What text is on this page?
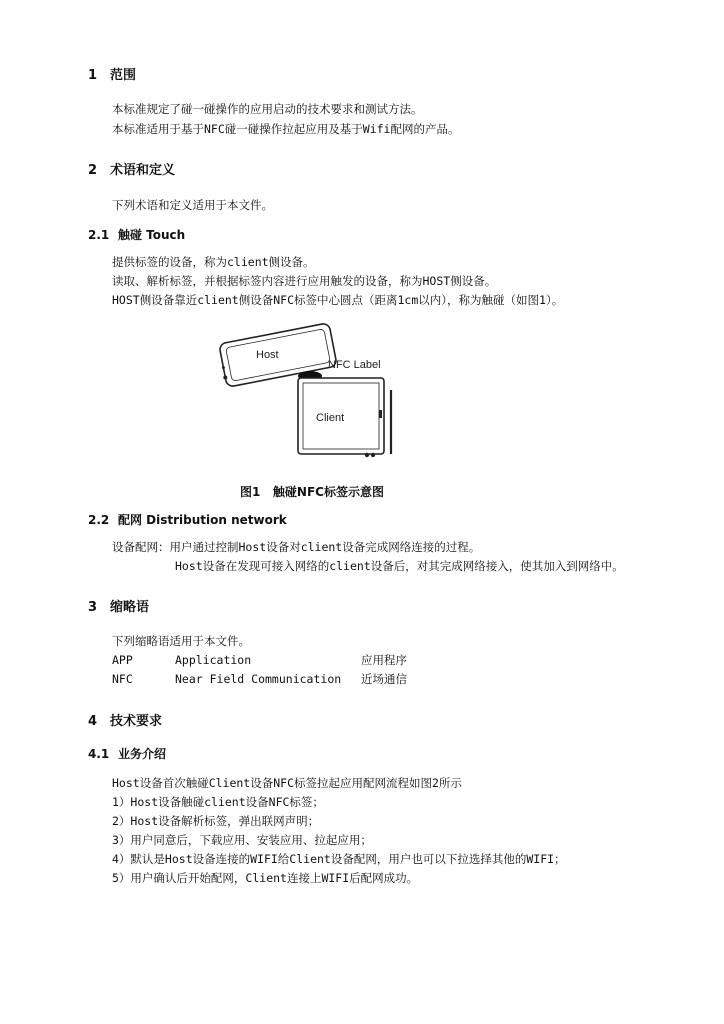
1 范围
本标准规定了碰一碰操作的应用启动的技术要求和测试方法。
本标准适用于基于NFC碰一碰操作拉起应用及基于Wifi配网的产品。
2 术语和定义
下列术语和定义适用于本文件。
2.1 触碰 Touch
提供标签的设备，称为client侧设备。
读取、解析标签，并根据标签内容进行应用触发的设备，称为HOST侧设备。
HOST侧设备靠近client侧设备NFC标签中心圆点（距离1cm以内），称为触碰（如图1）。
Host
NFC Label
Client
图1 触碰NFC标签示意图
2.2 配网 Distribution network
设备配网：用户通过控制Host设备对client设备完成网络连接的过程。
Host设备在发现可接入网络的client设备后，对其完成网络接入，使其加入到网络中。
3 缩略语
下列缩略语适用于本文件。
APP	Application	应用程序
NFC	Near Field Communication 近场通信
4 技术要求
4.1 业务介绍
Host设备首次触碰Client设备NFC标签拉起应用配网流程如图2所示
1）Host设备触碰client设备NFC标签；
2）Host设备解析标签，弹出联网声明；
3）用户同意后，下载应用、安装应用、拉起应用；
4）默认是Host设备连接的WIFI给Client设备配网，用户也可以下拉选择其他的WIFI；
5）用户确认后开始配网，Client连接上WIFI后配网成功。
